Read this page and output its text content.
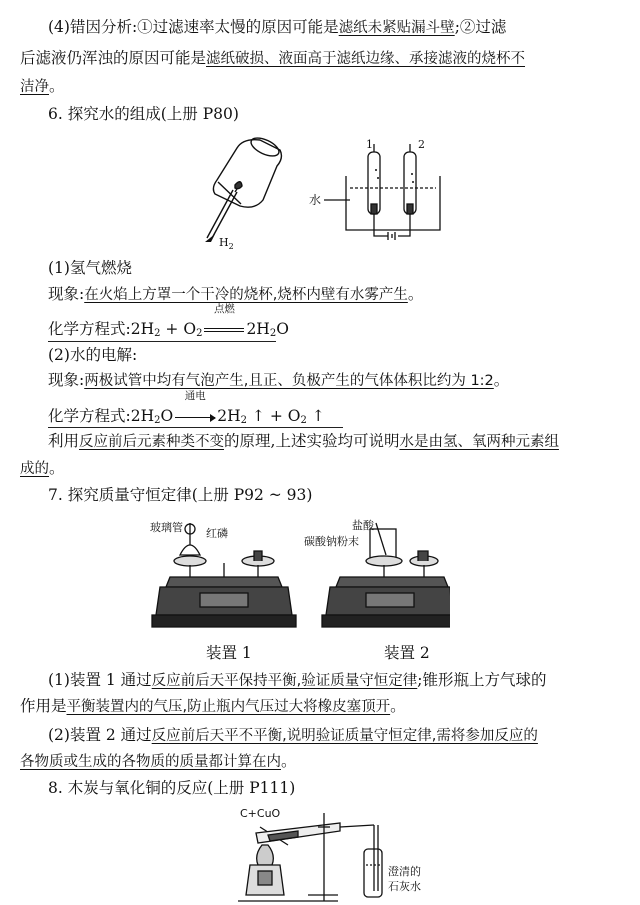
(4)错因分析:①过滤速率太慢的原因可能是滤纸未紧贴漏斗壁;②过滤
后滤液仍浑浊的原因可能是滤纸破损、液面高于滤纸边缘、承接滤液的烧杯不
洁净。
6. 探究水的组成(上册 P80)
$H_2$
1	2
水
(1)氢气燃烧
现象:在火焰上方罩一个干冷的烧杯,烧杯内壁有水雾产生。
化学方程式$:2H_2 + O_2$
点燃
$2H_2O$
(2)水的电解:
现象:两极试管中均有气泡产生,且正、负极产生的气体体积比约为 1:2。
化学方程式$:2H_2O$
通电
$2H_2$ ↑ + $O_2$ ↑
利用反应前后元素种类不变的原理,上述实验均可说明水是由氢、氧两种元素组
成的。
7. 探究质量守恒定律(上册 P92 ~ 93)
玻璃管 红磷
盐酸
碳酸钠粉末
装置 1	装置 2
(1)装置 1 通过反应前后天平保持平衡,验证质量守恒定律;锥形瓶上方气球的
作用是平衡装置内的气压,防止瓶内气压过大将橡皮塞顶开。
(2)装置 2 通过反应前后天平不平衡,说明验证质量守恒定律,需将参加反应的
各物质或生成的各物质的质量都计算在内。
8. 木炭与氧化铜的反应(上册 P111)
C+CuO
澄清的
石灰水
